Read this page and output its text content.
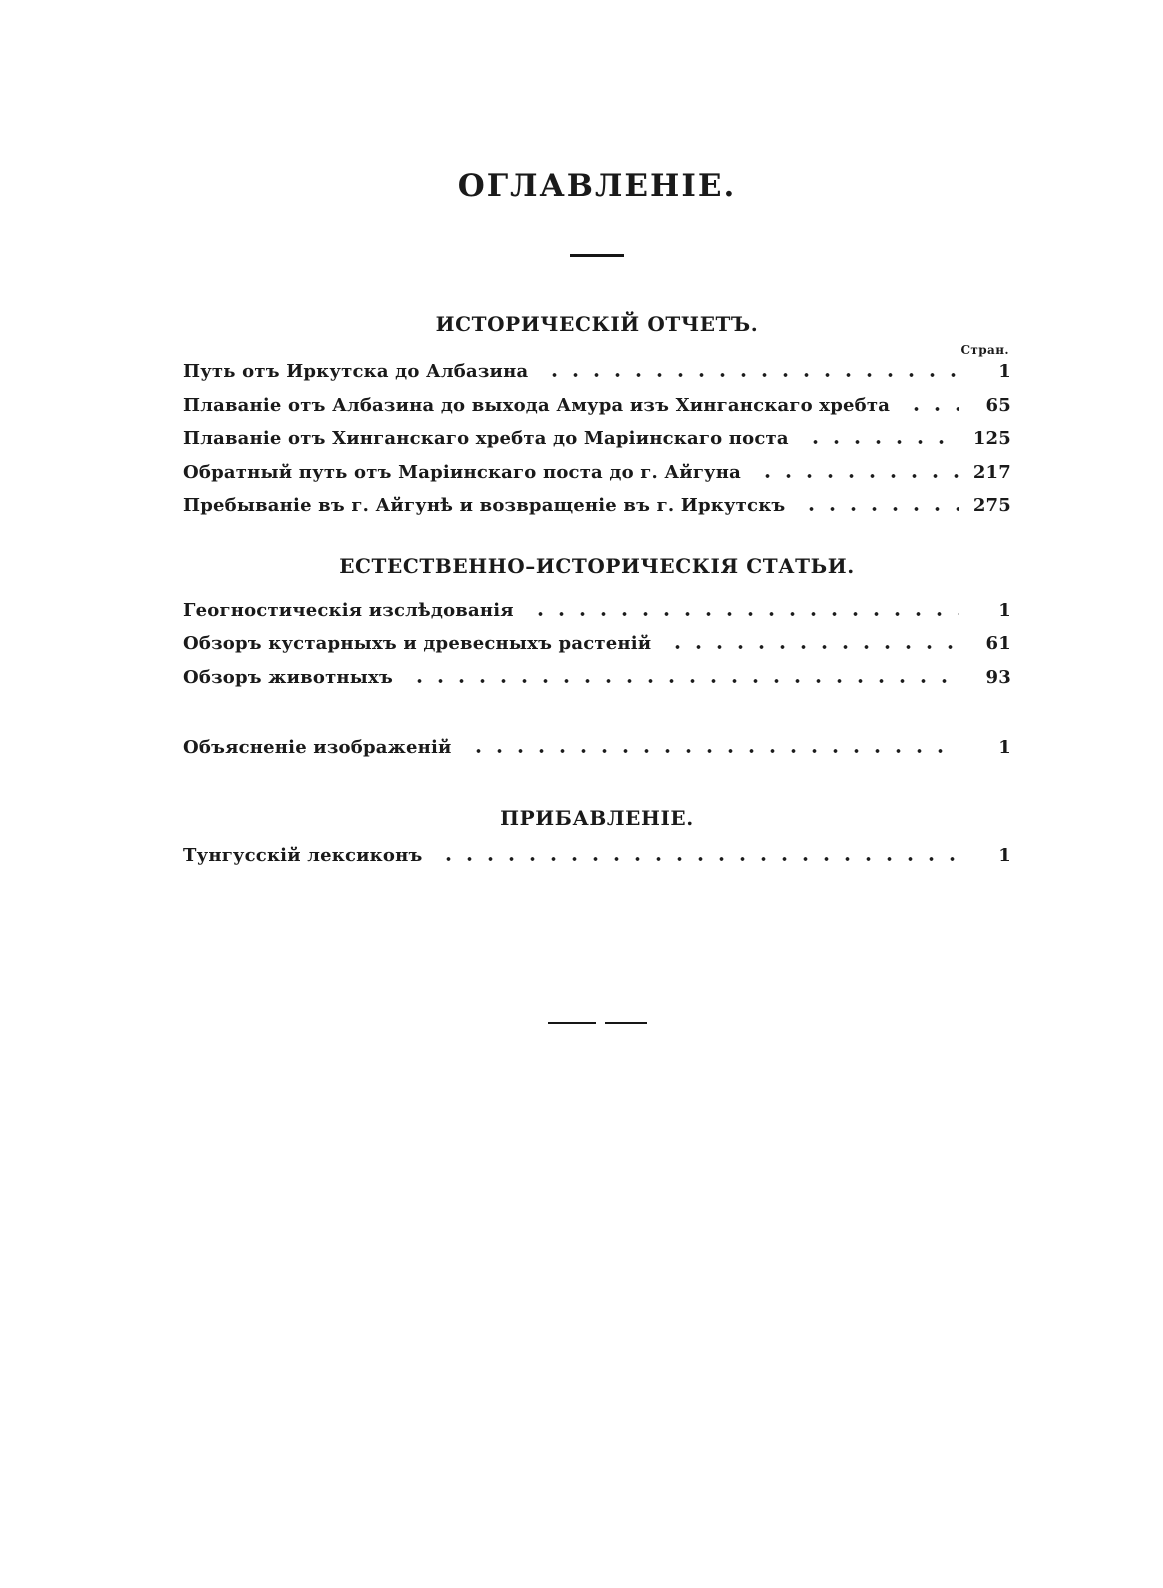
ОГЛАВЛЕНІЕ.
ИСТОРИЧЕСКІЙ ОТЧЕТЪ.
Стран.
Путь отъ Иркутска до Албазина	1
Плаваніе отъ Албазина до выхода Амура изъ Хинганскаго хребта	65
Плаваніе отъ Хинганскаго хребта до Маріинскаго поста	125
Обратный путь отъ Маріинскаго поста до г. Айгуна	217
Пребываніе въ г. Айгунѣ и возвращеніе въ г. Иркутскъ	275
ЕСТЕСТВЕННО–ИСТОРИЧЕСКІЯ СТАТЬИ.
Геогностическія изслѣдованія	1
Обзоръ кустарныхъ и древесныхъ растеній	61
Обзоръ животныхъ	93
Объясненіе изображеній	1
ПРИБАВЛЕНІЕ.
Тунгусскій лексиконъ	1
